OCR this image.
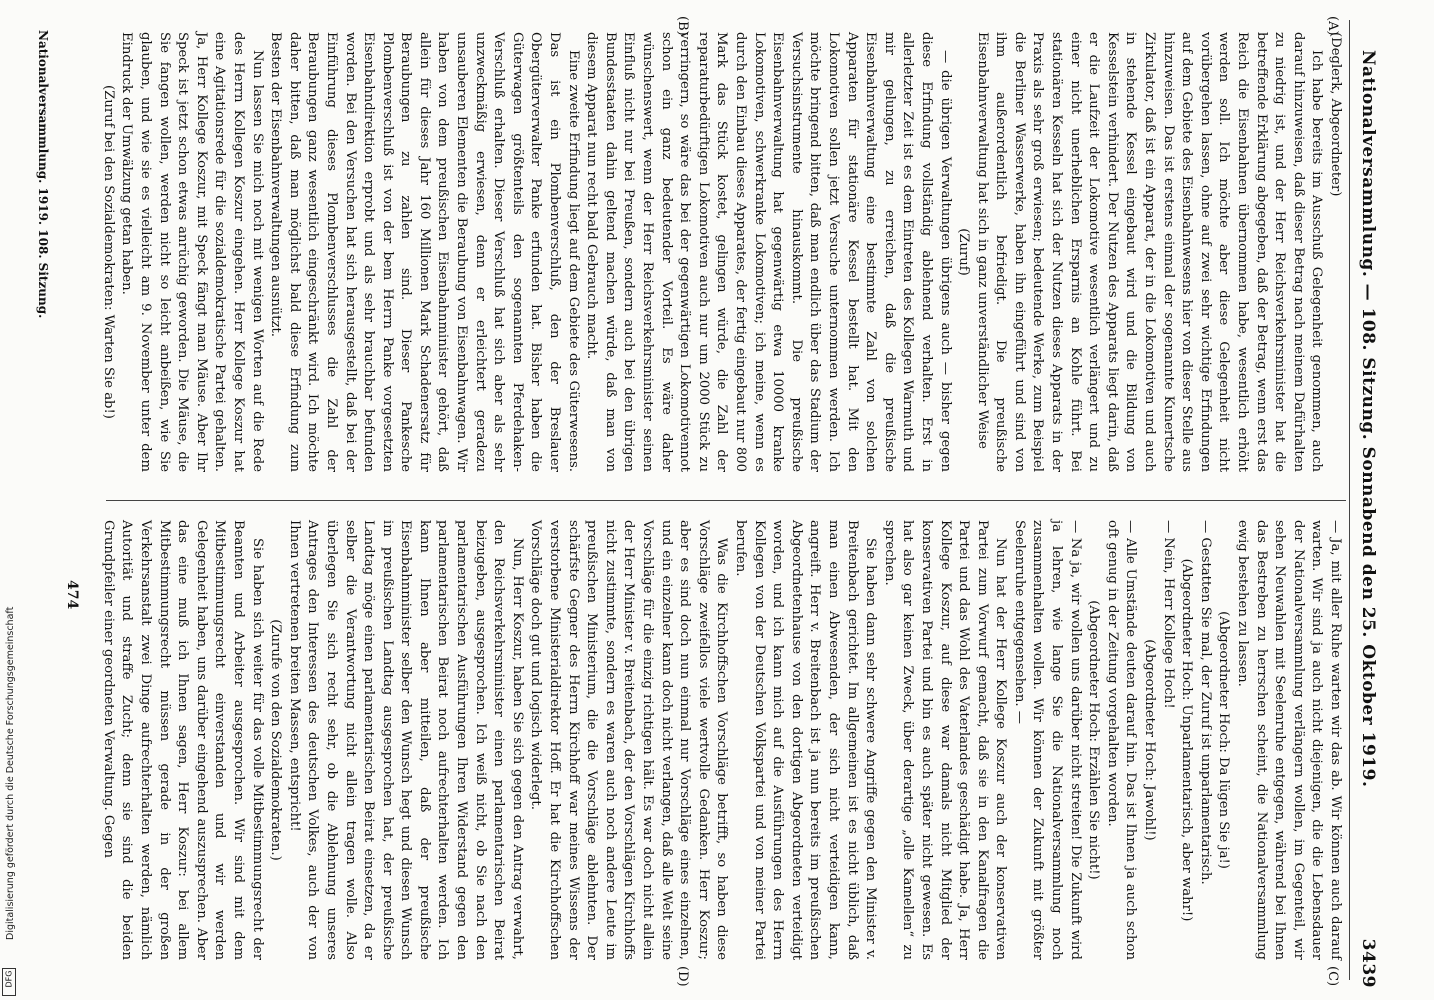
Nationalversammlung. — 108. Sitzung. Sonnabend den 25. Oktober 1919.
3439
(A)
(B)
(C)
(D)

(Deglerk, Abgeordneter)

Ich habe bereits im Ausschuß Gelegenheit genommen, auch darauf hinzuweisen, daß dieser Betrag nach meinem Dafürhalten zu niedrig ist, und der Herr Reichsverkehrsminister hat die betreffende Erklärung abgegeben, daß der Betrag, wenn erst das Reich die Eisenbahnen übernommen habe, wesentlich erhöht werden soll. Ich möchte aber diese Gelegenheit nicht vorübergehen lassen, ohne auf zwei sehr wichtige Erfindungen auf dem Gebiete des Eisenbahnwesens hier von dieser Stelle aus hinzuweisen. Das ist erstens einmal der sogenannte Kunertsche Zirkulator, daß ist ein Apparat, der in die Lokomotiven und auch in stehende Kessel eingebaut wird und die Bildung von Kesselstein verhindert. Der Nutzen des Apparats liegt darin, daß er die Laufzeit der Lokomotive wesentlich verlängert und zu einer nicht unerheblichen Ersparnis an Kohle führt. Bei stationären Kesseln hat sich der Nutzen dieses Apparats in der Praxis als sehr groß erwiesen; bedeutende Werke, zum Beispiel die Berliner Wasserwerke, haben ihn eingeführt und sind von ihm außerordentlich befriedigt. Die preußische Eisenbahnverwaltung hat sich in ganz unverständlicher Weise

(Zuruf)

— die übrigen Verwaltungen übrigens auch — bisher gegen diese Erfindung vollständig ablehnend verhalten. Erst in allerletzter Zeit ist es dem Eintreten des Kollegen Warmuth und mir gelungen, zu erreichen, daß die preußische Eisenbahnverwaltung eine bestimmte Zahl von solchen Apparaten für stationäre Kessel bestellt hat. Mit den Lokomotiven sollen jetzt Versuche unternommen werden. Ich möchte bringend bitten, daß man endlich über das Stadium der Versuchsinstrumente hinauskommt. Die preußische Eisenbahnverwaltung hat gegenwärtig etwa 10000 kranke Lokomotiven, schwerkranke Lokomotiven; ich meine, wenn es durch den Einbau dieses Apparates, der fertig eingebaut nur 800 Mark das Stück kostet, gelingen würde, die Zahl der reparaturbedürftigen Lokomotiven auch nur um 2000 Stück zu verringern, so wäre das bei der gegenwärtigen Lokomotivennot schon ein ganz bedeutender Vorteil. Es wäre daher wünschenswert, wenn der Herr Reichsverkehrsminister seinen Einfluß nicht nur bei Preußen, sondern auch bei den übrigen Bundesstaaten dahin geltend machen würde, daß man von diesem Apparat nun recht bald Gebrauch macht.

Eine zweite Erfindung liegt auf dem Gebiete des Güterwesens. Das ist ein Plombenverschluß, den der Breslauer Obergüterverwalter Panke erfunden hat. Bisher haben die Güterwagen größtenteils den sogenannten Pferdehaken-Verschluß erhalten. Dieser Verschluß hat sich aber als sehr unzweckmäßig erwiesen, denn er erleichtert geradezu unsauberen Elementen die Beraubung von Eisenbahnwagen. Wir haben von dem preußischen Eisenbahnminister gehört, daß allein für dieses Jahr 160 Millionen Mark Schadenersatz für Beraubungen zu zahlen sind. Dieser Pankesche Plombenverschluß ist von der bem Herrn Panke vorgesetzten Eisenbahndirektion erprobt und als sehr brauchbar befunden worden. Bei den Versuchen hat sich herausgestellt, daß bei der Einführung dieses Plombenverschlusses die Zahl der Beraubungen ganz wesentlich eingeschränkt wird. Ich möchte daher bitten, daß man möglichst bald diese Erfindung zum Besten der Eisenbahnverwaltungen ausnützt.

Nun lassen Sie mich noch mit wenigen Worten auf die Rede des Herrn Kollegen Koszur eingehen. Herr Kollege Koszur hat eine Agitationsrede für die sozialdemokratische Partei gehalten. Ja, Herr Kollege Koszur, mit Speck fängt man Mäuse. Aber Ihr Speck ist jetzt schon etwas anrüchig geworden. Die Mäuse, die Sie fangen wollen, werden nicht so leicht anbeißen, wie Sie glauben, und wie sie es vielleicht am 9. November unter dem Eindruck der Umwälzung getan haben.

(Zuruf bei den Sozialdemokraten: Warten Sie ab!)

— Ja, mit aller Ruhe warten wir das ab. Wir können auch darauf warten. Wir sind ja auch nicht diejenigen, die die Lebensdauer der Nationalversammlung verlängern wollen, im Gegenteil, wir sehen Neuwahlen mit Seelenruhe entgegen, während bei Ihnen das Bestreben zu herrschen scheint, die Nationalversammlung ewig bestehen zu lassen.

(Abgeordneter Hoch: Da lügen Sie ja!)

— Gestatten Sie mal, der Zuruf ist unparlamentarisch.

(Abgeordneter Hoch: Unparlamentarisch, aber wahr!)

— Nein, Herr Kollege Hoch!

(Abgeordneter Hoch: Jawohl!)

— Alle Umstände deuten darauf hin. Das ist Ihnen ja auch schon oft genug in der Zeitung vorgehalten worden.

(Abgeordneter Hoch: Erzählen Sie nicht!)

— Na ja, wir wollen uns darüber nicht streiten! Die Zukunft wird ja lehren, wie lange Sie die Nationalversammlung noch zusammenhalten wollen. Wir können der Zukunft mit größter Seelenruhe entgegensehen. —

Nun hat der Herr Kollege Koszur auch der konservativen Partei zum Vorwurf gemacht, daß sie in den Kanalfragen die Partei und das Wohl des Vaterlandes geschädigt habe. Ja, Herr Kollege Koszur, auf diese war damals nicht Mitglied der konservativen Partei und bin es auch später nicht gewesen. Es hat also gar keinen Zweck, über derartige „olle Kamellen“ zu sprechen.

Sie haben dann sehr schwere Angriffe gegen den Minister v. Breitenbach gerichtet. Im allgemeinen ist es nicht üblich, daß man einen Abwesenden, der sich nicht verteidigen kann, angreift. Herr v. Breitenbach ist ja nun bereits im preußischen Abgeordnetenhause von den dortigen Abgeordneten verteidigt worden, und ich kann mich auf die Ausführungen des Herrn Kollegen von der Deutschen Volkspartei und von meiner Partei berufen.

Was die Kirchhoffschen Vorschläge betrifft, so haben diese Vorschläge zweifellos viele wertvolle Gedanken. Herr Koszur; aber es sind doch nun einmal nur Vorschläge eines einzelnen, und ein einzelner kann doch nicht verlangen, daß alle Welt seine Vorschläge für die einzig richtigen hält. Es war doch nicht allein der Herr Minister v. Breitenbach, der den Vorschlägen Kirchhoffs nicht zustimmte, sondern es waren auch noch andere Leute im preußischen Ministerium, die die Vorschläge ablehnten. Der schärfste Gegner des Herrn Kirchhoff war meines Wissens der verstorbene Ministerialdirektor Hoff. Er hat die Kirchhoffschen Vorschläge doch gut und logisch widerlegt.

Nun, Herr Koszur, haben Sie sich gegen den Antrag verwahrt, den Reichsverkehrsminister einen parlamentarischen Beirat beizugeben, ausgesprochen. Ich weiß nicht, ob Sie nach den parlamentarischen Ausführungen Ihren Widerstand gegen den parlamentarischen Beirat noch aufrechterhalten werden. Ich kann Ihnen aber mitteilen, daß der preußische Eisenbahnminister selber den Wunsch hegt und diesen Wunsch im preußischen Landtag ausgesprochen hat, der preußische Landtag möge einen parlamentarischen Beirat einsetzen, da er selber die Verantwortung nicht allein tragen wolle. Also überlegen Sie sich recht sehr, ob die Ablehnung unseres Antrages den Interessen des deutschen Volkes, auch der von Ihnen vertretenen breiten Massen, entspricht!

(Zurufe von den Sozialdemokraten.)

Sie haben sich weiter für das volle Mitbestimmungsrecht der Beamten und Arbeiter ausgesprochen. Wir sind mit dem Mitbestimmungsrecht einverstanden und wir werden Gelegenheit haben, uns darüber eingehend auszusprechen. Aber das eine muß ich Ihnen sagen, Herr Koszur: bei allem Mitbestimmungsrecht müssen gerade in der großen Verkehrsanstalt zwei Dinge aufrechterhalten werden, nämlich Autorität und straffe Zucht; denn sie sind die beiden Grundpfeiler einer geordneten Verwaltung. Gegen

Nationalversammlung. 1919. 108. Sitzung.
474
Digitalisierung gefördert durch die Deutsche Forschungsgemeinschaft
DFG
